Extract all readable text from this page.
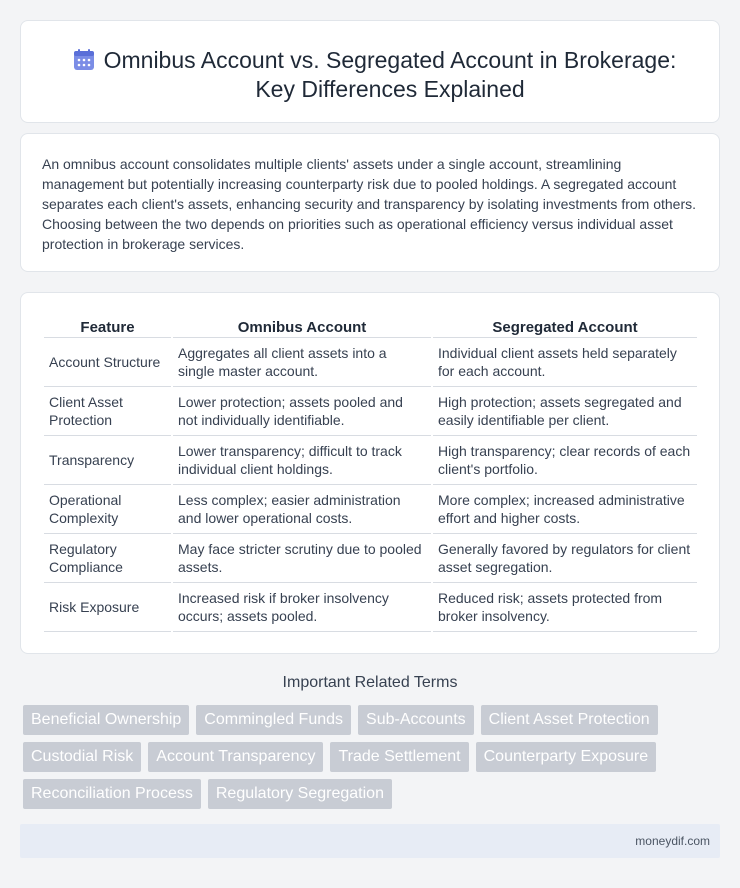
Omnibus Account vs. Segregated Account in Brokerage: Key Differences Explained

An omnibus account consolidates multiple clients' assets under a single account, streamlining management but potentially increasing counterparty risk due to pooled holdings. A segregated account separates each client's assets, enhancing security and transparency by isolating investments from others. Choosing between the two depends on priorities such as operational efficiency versus individual asset protection in brokerage services.

Feature	Omnibus Account	Segregated Account
Account Structure	Aggregates all client assets into a single master account.	Individual client assets held separately for each account.
Client Asset Protection	Lower protection; assets pooled and not individually identifiable.	High protection; assets segregated and easily identifiable per client.
Transparency	Lower transparency; difficult to track individual client holdings.	High transparency; clear records of each client's portfolio.
Operational Complexity	Less complex; easier administration and lower operational costs.	More complex; increased administrative effort and higher costs.
Regulatory Compliance	May face stricter scrutiny due to pooled assets.	Generally favored by regulators for client asset segregation.
Risk Exposure	Increased risk if broker insolvency occurs; assets pooled.	Reduced risk; assets protected from broker insolvency.
Important Related Terms
Beneficial Ownership	Commingled Funds	Sub-Accounts	Client Asset Protection
Custodial Risk	Account Transparency	Trade Settlement	Counterparty Exposure
Reconciliation Process	Regulatory Segregation
moneydif.com
